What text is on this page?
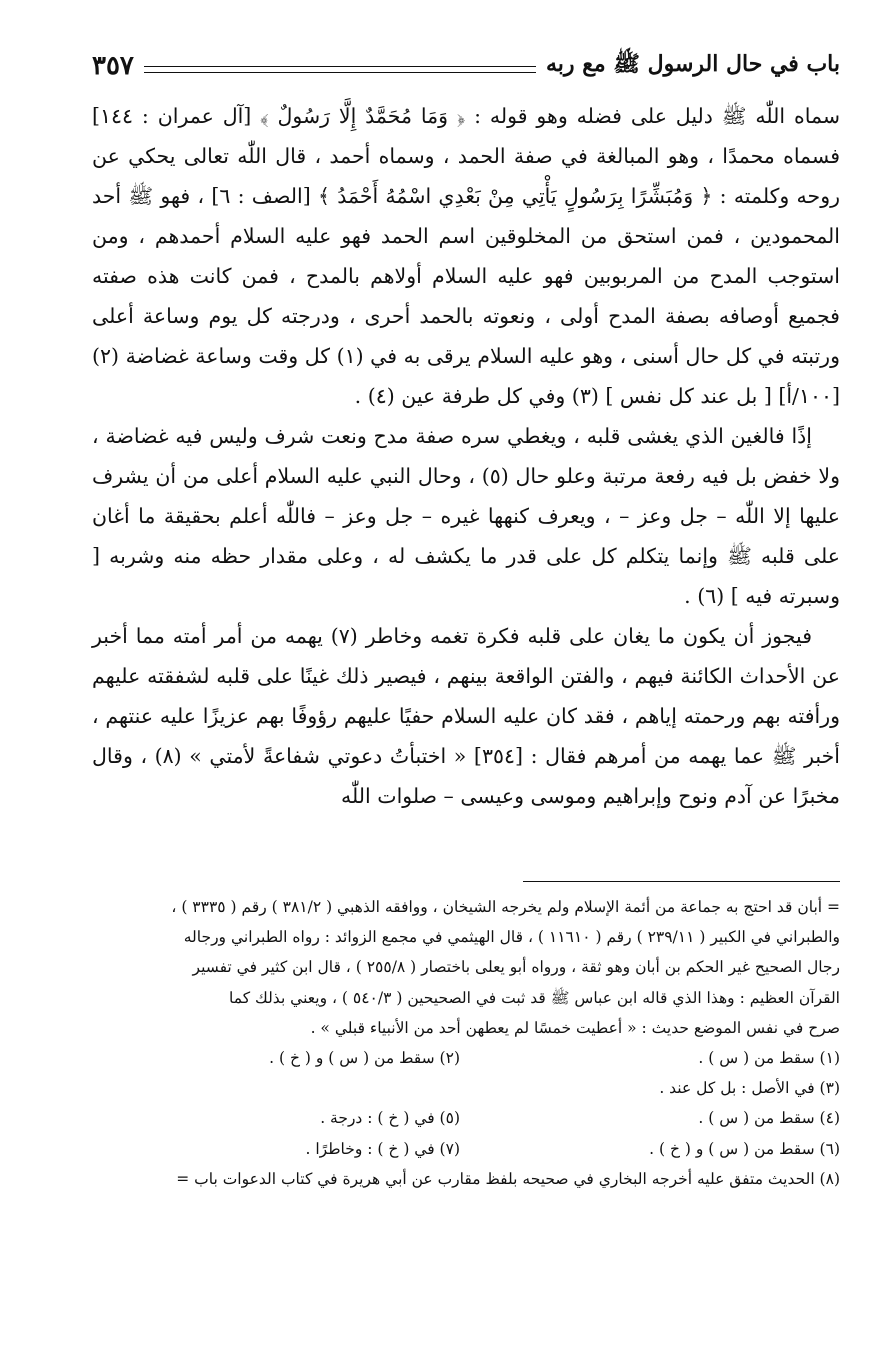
باب في حال الرسول ﷺ مع ربه
٣٥٧

سماه اللّٰه ﷺ دليل على فضله وهو قوله : ﴿ وَمَا مُحَمَّدٌ إِلَّا رَسُولٌ ﴾ [آل عمران : ١٤٤] فسماه محمدًا ، وهو المبالغة في صفة الحمد ، وسماه أحمد ، قال اللّٰه تعالى يحكي عن روحه وكلمته : ﴿ وَمُبَشِّرًا بِرَسُولٍ يَأْتِي مِنْ بَعْدِي اسْمُهُ أَحْمَدُ ﴾ [الصف : ٦] ، فهو ﷺ أحد المحمودين ، فمن استحق من المخلوقين اسم الحمد فهو عليه السلام أحمدهم ، ومن استوجب المدح من المربوبين فهو عليه السلام أولاهم بالمدح ، فمن كانت هذه صفته فجميع أوصافه بصفة المدح أولى ، ونعوته بالحمد أحرى ، ودرجته كل يوم وساعة أعلى ورتبته في كل حال أسنى ، وهو عليه السلام يرقى به في (١) كل وقت وساعة غضاضة (٢) [١٠٠/أ] [ بل عند كل نفس ] (٣) وفي كل طرفة عين (٤) .

إذًا فالغين الذي يغشى قلبه ، ويغطي سره صفة مدح ونعت شرف وليس فيه غضاضة ، ولا خفض بل فيه رفعة مرتبة وعلو حال (٥) ، وحال النبي عليه السلام أعلى من أن يشرف عليها إلا اللّٰه – جل وعز – ، ويعرف كنهها غيره – جل وعز – فاللّٰه أعلم بحقيقة ما أغان على قلبه ﷺ وإنما يتكلم كل على قدر ما يكشف له ، وعلى مقدار حظه منه وشربه [ وسبرته فيه ] (٦) .

فيجوز أن يكون ما يغان على قلبه فكرة تغمه وخاطر (٧) يهمه من أمر أمته مما أخبر عن الأحداث الكائنة فيهم ، والفتن الواقعة بينهم ، فيصير ذلك غينًا على قلبه لشفقته عليهم ورأفته بهم ورحمته إياهم ، فقد كان عليه السلام حفيًا عليهم رؤوفًا بهم عزيزًا عليه عنتهم ، أخبر ﷺ عما يهمه من أمرهم فقال : [٣٥٤] « اختبأتُ دعوتي شفاعةً لأمتي » (٨) ، وقال مخبرًا عن آدم ونوح وإبراهيم وموسى وعيسى – صلوات اللّٰه

= أبان قد احتج به جماعة من أئمة الإسلام ولم يخرجه الشيخان ، ووافقه الذهبي ( ٣٨١/٢ ) رقم ( ٣٣٣٥ ) ،
والطبراني في الكبير ( ٢٣٩/١١ ) رقم ( ١١٦١٠ ) ، قال الهيثمي في مجمع الزوائد : رواه الطبراني ورجاله
رجال الصحيح غير الحكم بن أبان وهو ثقة ، ورواه أبو يعلى باختصار ( ٢٥٥/٨ ) ، قال ابن كثير في تفسير
القرآن العظيم : وهذا الذي قاله ابن عباس ﷺ قد ثبت في الصحيحين ( ٥٤٠/٣ ) ، ويعني بذلك كما
صرح في نفس الموضع حديث : « أعطيت خمسًا لم يعطهن أحد من الأنبياء قبلي » .
(١) سقط من ( س ) .
(٢) سقط من ( س ) و ( خ ) .
(٣) في الأصل : بل كل عند .
(٤) سقط من ( س ) .
(٥) في ( خ ) : درجة .
(٦) سقط من ( س ) و ( خ ) .
(٧) في ( خ ) : وخاطرًا .
(٨) الحديث متفق عليه أخرجه البخاري في صحيحه بلفظ مقارب عن أبي هريرة في كتاب الدعوات باب =
